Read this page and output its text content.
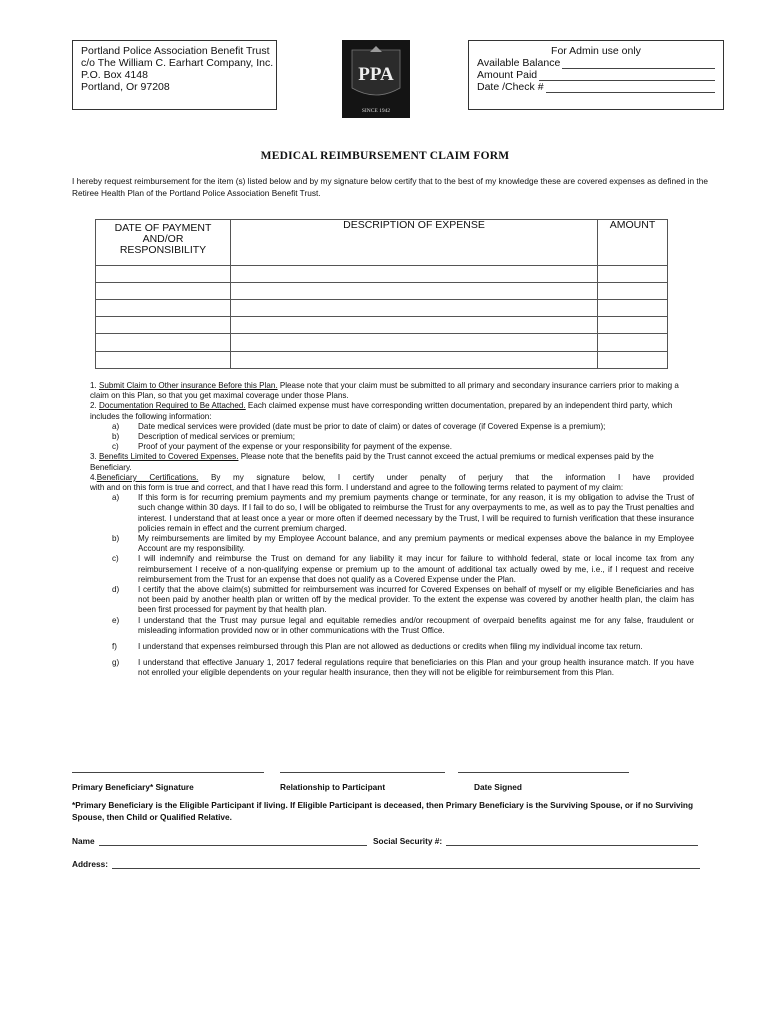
Portland Police Association Benefit Trust
c/o The William C. Earhart Company, Inc.
P.O. Box 4148
Portland, Or 97208
PPA
SINCE 1942
For Admin use only
Available Balance
Amount Paid
Date /Check #
MEDICAL REIMBURSEMENT CLAIM FORM
I hereby request reimbursement for the item (s) listed below and by my signature below certify that to the best of my knowledge these are covered expenses as defined in the Retiree Health Plan of the Portland Police Association Benefit Trust.
DATE OF PAYMENT AND/OR RESPONSIBILITY	DESCRIPTION OF EXPENSE	AMOUNT

1. Submit Claim to Other insurance Before this Plan. Please note that your claim must be submitted to all primary and secondary insurance carriers prior to making a claim on this Plan, so that you get maximal coverage under those Plans.

2. Documentation Required to Be Attached. Each claimed expense must have corresponding written documentation, prepared by an independent third party, which includes the following information:

a)	Date medical services were provided (date must be prior to date of claim) or dates of coverage (if Covered Expense is a premium);
b)	Description of medical services or premium;
c)	Proof of your payment of the expense or your responsibility for payment of the expense.

3. Benefits Limited to Covered Expenses. Please note that the benefits paid by the Trust cannot exceed the actual premiums or medical expenses paid by the Beneficiary.

4.Beneficiary Certifications. By my signature below, I certify under penalty of perjury that the information I have provided

with and on this form is true and correct, and that I have read this form. I understand and agree to the following terms related to payment of my claim:

a)	If this form is for recurring premium payments and my premium payments change or terminate, for any reason, it is my obligation to advise the Trust of such change within 30 days. If I fail to do so, I will be obligated to reimburse the Trust for any overpayments to me, as well as to pay the Trust penalties and interest. I understand that at least once a year or more often if deemed necessary by the Trust, I will be required to furnish verification that these insurance policies remain in effect and the current premium charged.
b)	My reimbursements are limited by my Employee Account balance, and any premium payments or medical expenses above the balance in my Employee Account are my responsibility.
c)	I will indemnify and reimburse the Trust on demand for any liability it may incur for failure to withhold federal, state or local income tax from any reimbursement I receive of a non-qualifying expense or premium up to the amount of additional tax actually owed by me, i.e., if I request and receive reimbursement from the Trust for an expense that does not qualify as a Covered Expense under the Plan.
d)	I certify that the above claim(s) submitted for reimbursement was incurred for Covered Expenses on behalf of myself or my eligible Beneficiaries and has not been paid by another health plan or written off by the medical provider. To the extent the expense was covered by another health plan, the claim has been first processed for payment by that health plan.
e)	I understand that the Trust may pursue legal and equitable remedies and/or recoupment of overpaid benefits against me for any false, fraudulent or misleading information provided now or in other communications with the Trust Office.
f)	I understand that expenses reimbursed through this Plan are not allowed as deductions or credits when filing my individual income tax return.
g)	I understand that effective January 1, 2017 federal regulations require that beneficiaries on this Plan and your group health insurance match. If you have not enrolled your eligible dependents on your regular health insurance, then they will not be eligible for reimbursement from this Plan.
Primary Beneficiary* Signature	Relationship to Participant	Date Signed
*Primary Beneficiary is the Eligible Participant if living. If Eligible Participant is deceased, then Primary Beneficiary is the Surviving Spouse, or if no Surviving Spouse, then Child or Qualified Relative.
Name	Social Security #:
Address:
